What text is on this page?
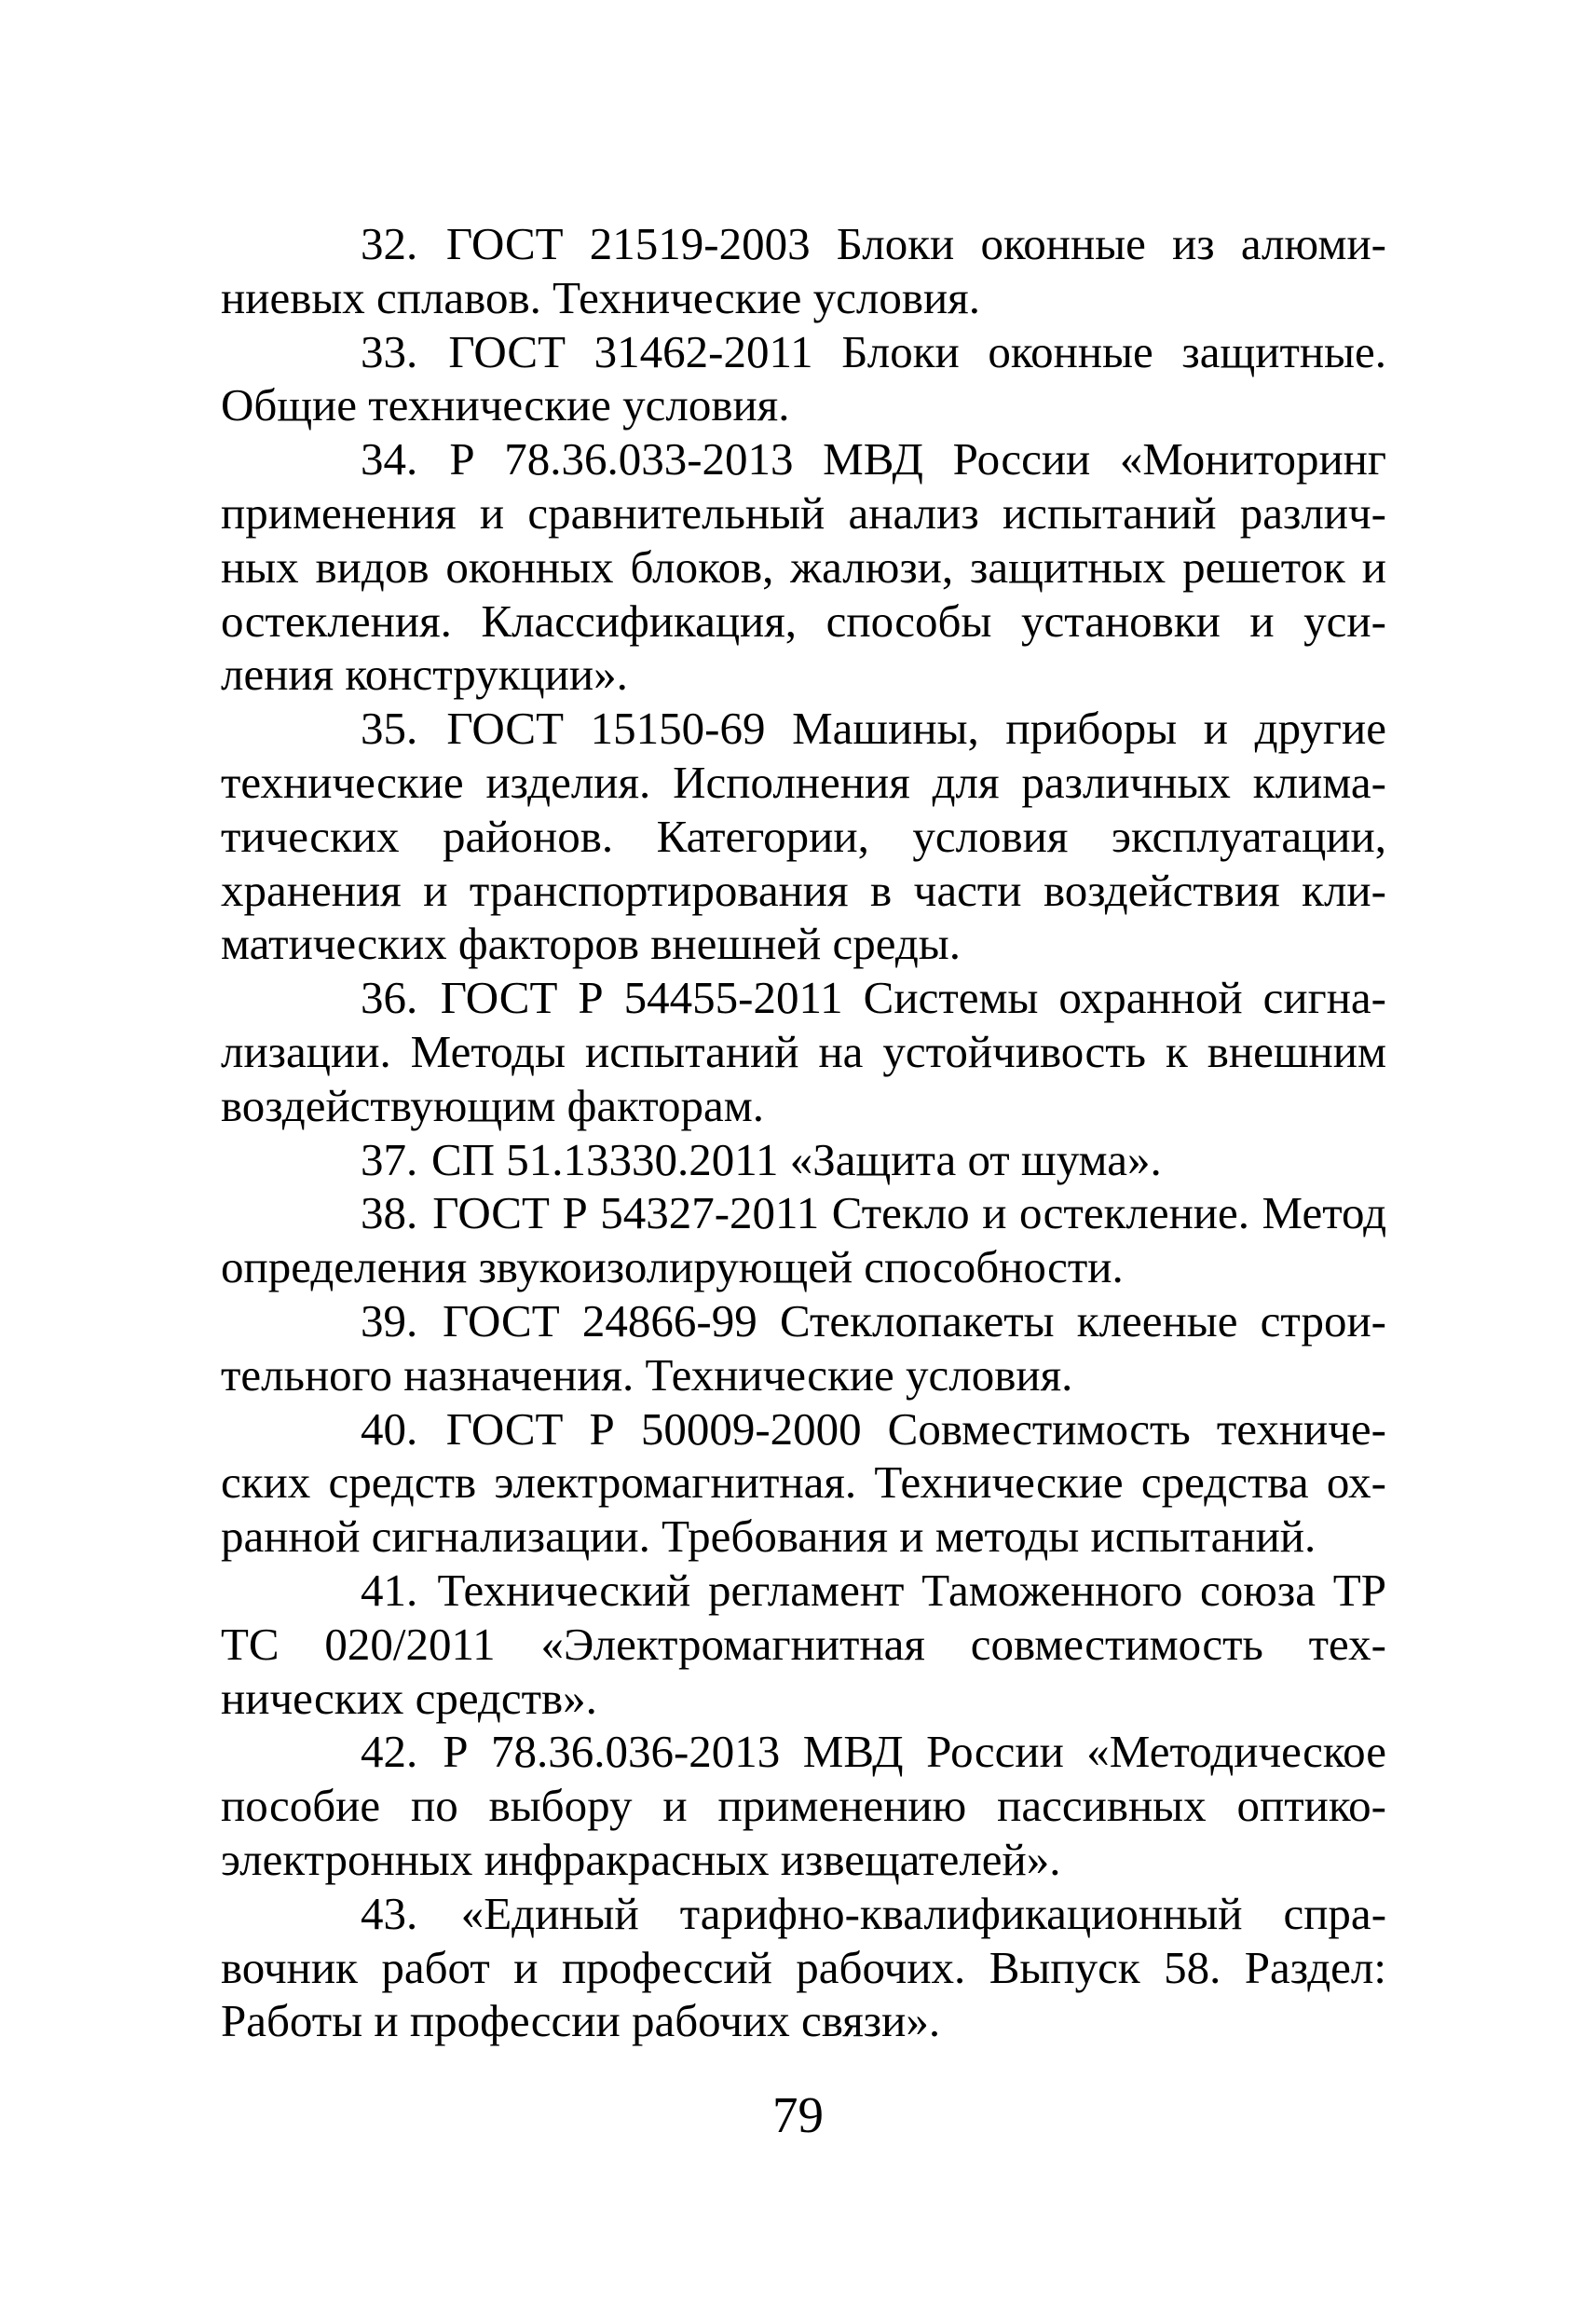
32. ГОСТ 21519-2003 Блоки оконные из алюминиевых сплавов. Технические условия.
33. ГОСТ 31462-2011 Блоки оконные защитные. Общие технические условия.
34. Р 78.36.033-2013 МВД России «Мониторинг применения и сравнительный анализ испытаний различных видов оконных блоков, жалюзи, защитных решеток и остекления. Классификация, способы установки и усиления конструкции».
35. ГОСТ 15150-69 Машины, приборы и другие технические изделия. Исполнения для различных климатических районов. Категории, условия эксплуатации, хранения и транспортирования в части воздействия климатических факторов внешней среды.
36. ГОСТ Р 54455-2011 Системы охранной сигнализации. Методы испытаний на устойчивость к внешним воздействующим факторам.
37. СП 51.13330.2011 «Защита от шума».
38. ГОСТ Р 54327-2011 Стекло и остекление. Метод определения звукоизолирующей способности.
39. ГОСТ 24866-99 Стеклопакеты клееные строительного назначения. Технические условия.
40. ГОСТ Р 50009-2000 Совместимость технических средств электромагнитная. Технические средства охранной сигнализации. Требования и методы испытаний.
41. Технический регламент Таможенного союза ТР ТС 020/2011 «Электромагнитная совместимость технических средств».
42. Р 78.36.036-2013 МВД России «Методическое пособие по выбору и применению пассивных оптико-электронных инфракрасных извещателей».
43. «Единый тарифно-квалификационный справочник работ и профессий рабочих. Выпуск 58. Раздел: Работы и профессии рабочих связи».
79
